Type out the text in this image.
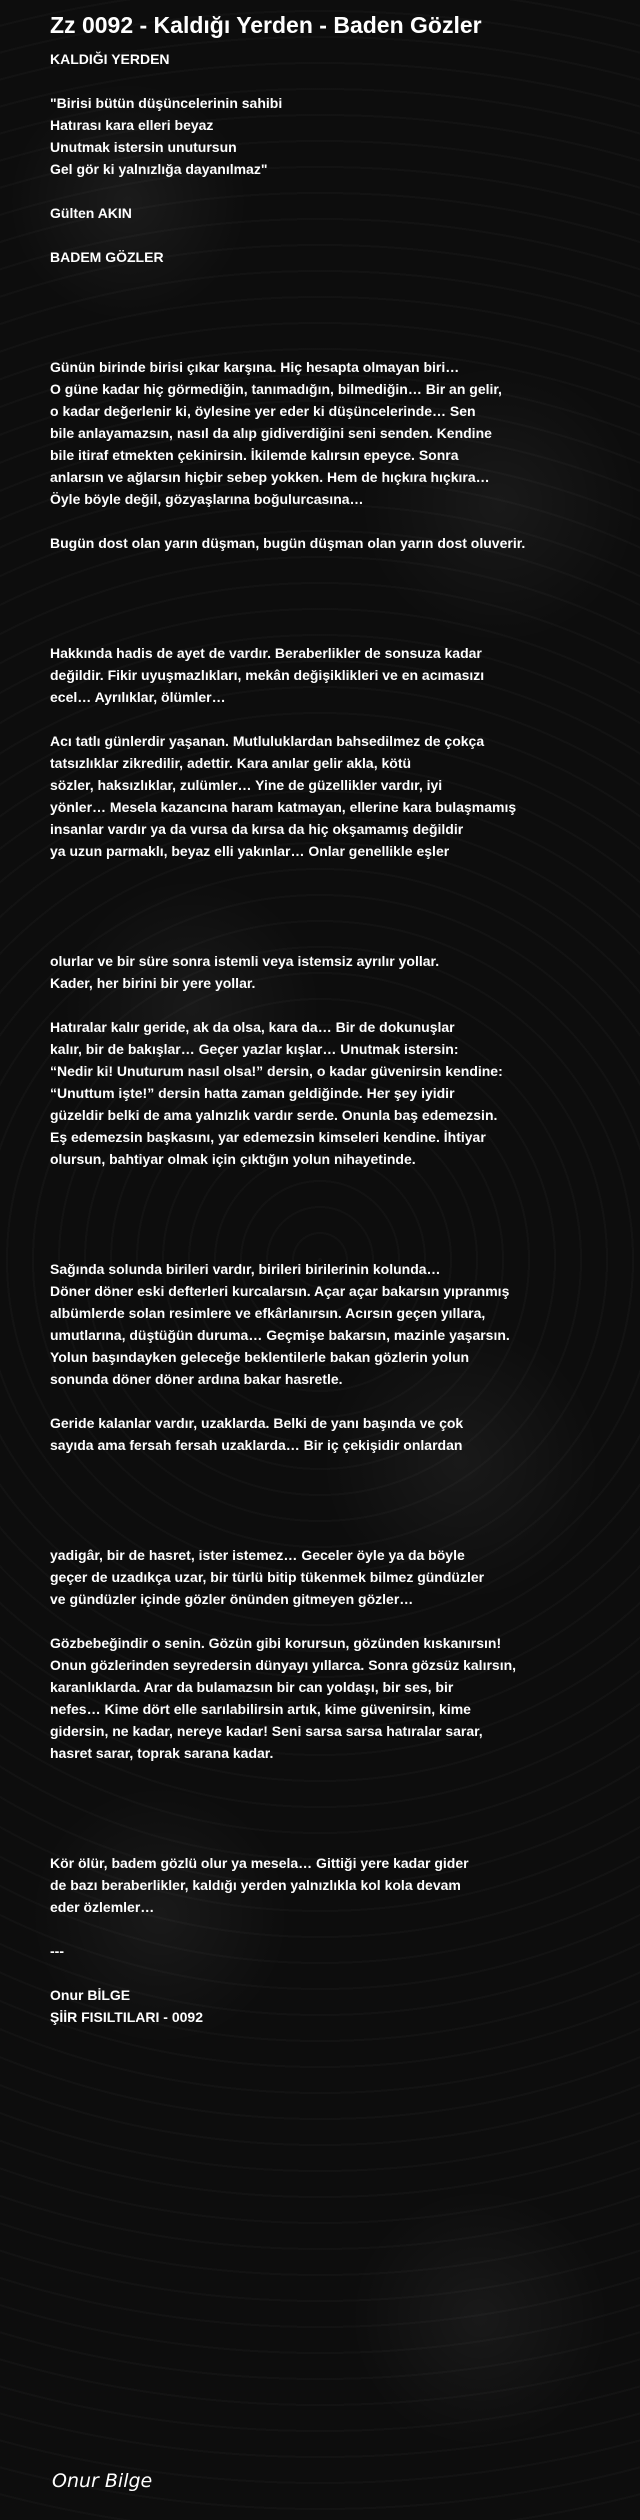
Zz 0092 - Kaldığı Yerden - Baden Gözler
KALDIĞI YERDEN
"Birisi bütün düşüncelerinin sahibi
Hatırası kara elleri beyaz
Unutmak istersin unutursun
Gel gör ki yalnızlığa dayanılmaz"
Gülten AKIN
BADEM GÖZLER
Günün birinde birisi çıkar karşına. Hiç hesapta olmayan biri…
O güne kadar hiç görmediğin, tanımadığın, bilmediğin… Bir an gelir,
o kadar değerlenir ki, öylesine yer eder ki düşüncelerinde… Sen
bile anlayamazsın, nasıl da alıp gidiverdiğini seni senden. Kendine
bile itiraf etmekten çekinirsin. İkilemde kalırsın epeyce. Sonra
anlarsın ve ağlarsın hiçbir sebep yokken. Hem de hıçkıra hıçkıra…
Öyle böyle değil, gözyaşlarına boğulurcasına…
Bugün dost olan yarın düşman, bugün düşman olan yarın dost oluverir.
Hakkında hadis de ayet de vardır. Beraberlikler de sonsuza kadar
değildir. Fikir uyuşmazlıkları, mekân değişiklikleri ve en acımasızı
ecel… Ayrılıklar, ölümler…
Acı tatlı günlerdir yaşanan. Mutluluklardan bahsedilmez de çokça
tatsızlıklar zikredilir, adettir. Kara anılar gelir akla, kötü
sözler, haksızlıklar, zulümler… Yine de güzellikler vardır, iyi
yönler… Mesela kazancına haram katmayan, ellerine kara bulaşmamış
insanlar vardır ya da vursa da kırsa da hiç okşamamış değildir
ya uzun parmaklı, beyaz elli yakınlar… Onlar genellikle eşler
olurlar ve bir süre sonra istemli veya istemsiz ayrılır yollar.
Kader, her birini bir yere yollar.
Hatıralar kalır geride, ak da olsa, kara da… Bir de dokunuşlar
kalır, bir de bakışlar… Geçer yazlar kışlar… Unutmak istersin:
“Nedir ki! Unuturum nasıl olsa!” dersin, o kadar güvenirsin kendine:
“Unuttum işte!” dersin hatta zaman geldiğinde. Her şey iyidir
güzeldir belki de ama yalnızlık vardır serde. Onunla baş edemezsin.
Eş edemezsin başkasını, yar edemezsin kimseleri kendine. İhtiyar
olursun, bahtiyar olmak için çıktığın yolun nihayetinde.
Sağında solunda birileri vardır, birileri birilerinin kolunda…
Döner döner eski defterleri kurcalarsın. Açar açar bakarsın yıpranmış
albümlerde solan resimlere ve efkârlanırsın. Acırsın geçen yıllara,
umutlarına, düştüğün duruma… Geçmişe bakarsın, mazinle yaşarsın.
Yolun başındayken geleceğe beklentilerle bakan gözlerin yolun
sonunda döner döner ardına bakar hasretle.
Geride kalanlar vardır, uzaklarda. Belki de yanı başında ve çok
sayıda ama fersah fersah uzaklarda… Bir iç çekişidir onlardan
yadigâr, bir de hasret, ister istemez… Geceler öyle ya da böyle
geçer de uzadıkça uzar, bir türlü bitip tükenmek bilmez gündüzler
ve gündüzler içinde gözler önünden gitmeyen gözler…
Gözbebeğindir o senin. Gözün gibi korursun, gözünden kıskanırsın!
Onun gözlerinden seyredersin dünyayı yıllarca. Sonra gözsüz kalırsın,
karanlıklarda. Arar da bulamazsın bir can yoldaşı, bir ses, bir
nefes… Kime dört elle sarılabilirsin artık, kime güvenirsin, kime
gidersin, ne kadar, nereye kadar! Seni sarsa sarsa hatıralar sarar,
hasret sarar, toprak sarana kadar.
Kör ölür, badem gözlü olur ya mesela… Gittiği yere kadar gider
de bazı beraberlikler, kaldığı yerden yalnızlıkla kol kola devam
eder özlemler…
---
Onur BİLGE
ŞİİR FISILTILARI - 0092
Onur Bilge
